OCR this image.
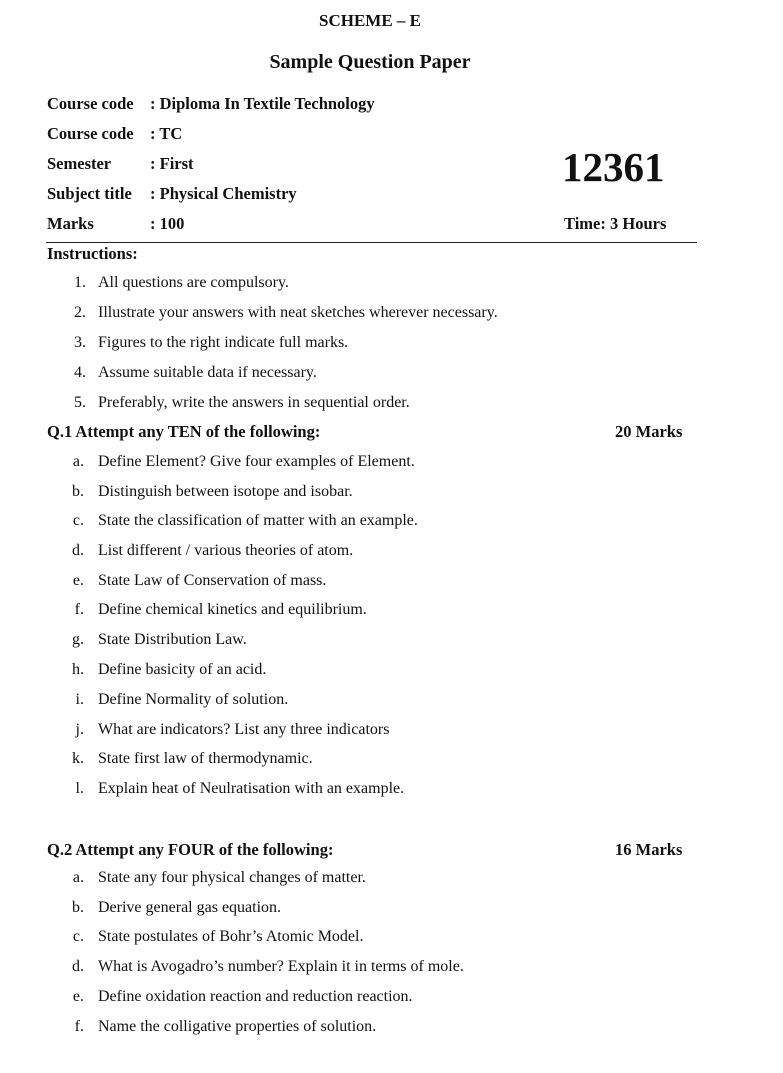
SCHEME – E
Sample Question Paper
Course code : Diploma In Textile Technology
Course code : TC
Semester : First
Subject title : Physical Chemistry
Marks	: 100
12361
Time: 3 Hours
Instructions:
1. All questions are compulsory.
2. Illustrate your answers with neat sketches wherever necessary.
3. Figures to the right indicate full marks.
4. Assume suitable data if necessary.
5. Preferably, write the answers in sequential order.
Q.1 Attempt any TEN of the following:	20 Marks
a. Define Element? Give four examples of Element.
b. Distinguish between isotope and isobar.
c. State the classification of matter with an example.
d. List different / various theories of atom.
e. State Law of Conservation of mass.
f. Define chemical kinetics and equilibrium.
g. State Distribution Law.
h. Define basicity of an acid.
i. Define Normality of solution.
j. What are indicators? List any three indicators
k. State first law of thermodynamic.
l. Explain heat of Neulratisation with an example.
Q.2 Attempt any FOUR of the following:	16 Marks
a. State any four physical changes of matter.
b. Derive general gas equation.
c. State postulates of Bohr’s Atomic Model.
d. What is Avogadro’s number? Explain it in terms of mole.
e. Define oxidation reaction and reduction reaction.
f. Name the colligative properties of solution.
